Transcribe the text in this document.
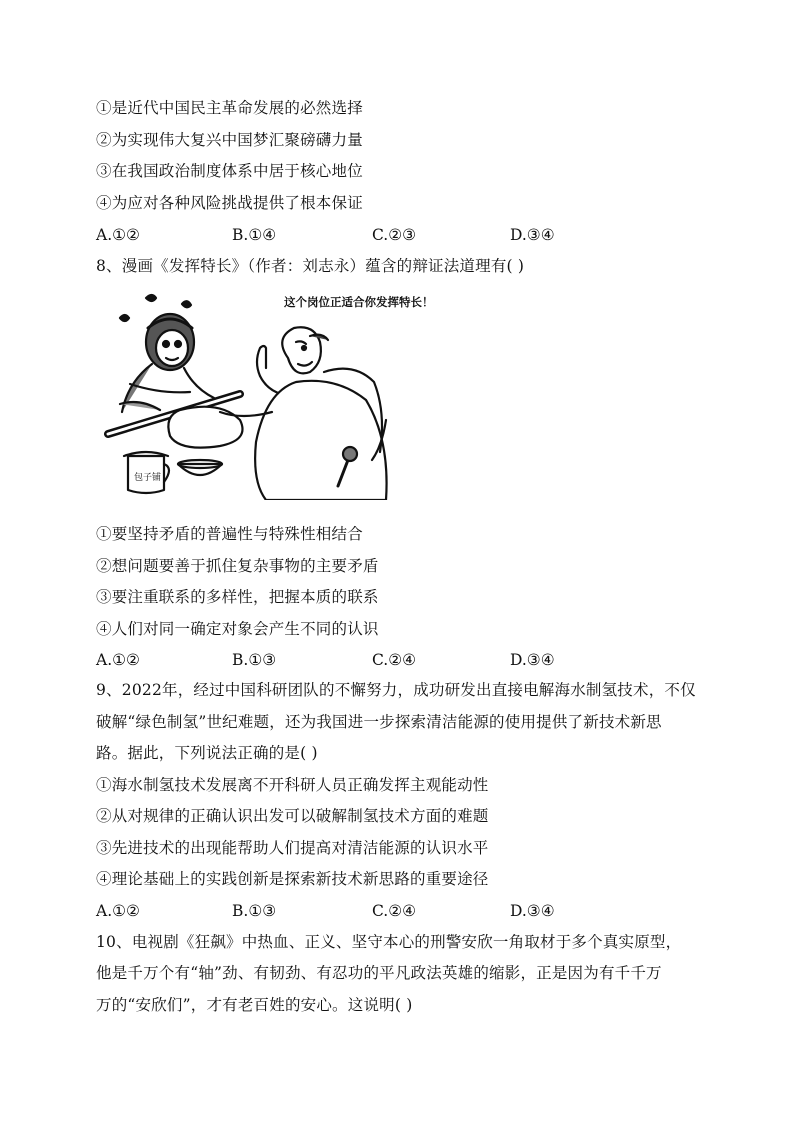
①是近代中国民主革命发展的必然选择
②为实现伟大复兴中国梦汇聚磅礴力量
③在我国政治制度体系中居于核心地位
④为应对各种风险挑战提供了根本保证
A.①②	B.①④	C.②③	D.③④
8、漫画《发挥特长》（作者：刘志永）蕴含的辩证法道理有( )
包子铺
这个岗位正适合你发挥特长！
①要坚持矛盾的普遍性与特殊性相结合
②想问题要善于抓住复杂事物的主要矛盾
③要注重联系的多样性，把握本质的联系
④人们对同一确定对象会产生不同的认识
A.①②	B.①③	C.②④	D.③④
9、2022年，经过中国科研团队的不懈努力，成功研发出直接电解海水制氢技术，不仅
破解“绿色制氢”世纪难题，还为我国进一步探索清洁能源的使用提供了新技术新思
路。据此，下列说法正确的是( )
①海水制氢技术发展离不开科研人员正确发挥主观能动性
②从对规律的正确认识出发可以破解制氢技术方面的难题
③先进技术的出现能帮助人们提高对清洁能源的认识水平
④理论基础上的实践创新是探索新技术新思路的重要途径
A.①②	B.①③	C.②④	D.③④
10、电视剧《狂飙》中热血、正义、坚守本心的刑警安欣一角取材于多个真实原型，
他是千万个有“轴”劲、有韧劲、有忍功的平凡政法英雄的缩影，正是因为有千千万
万的“安欣们”，才有老百姓的安心。这说明( )
